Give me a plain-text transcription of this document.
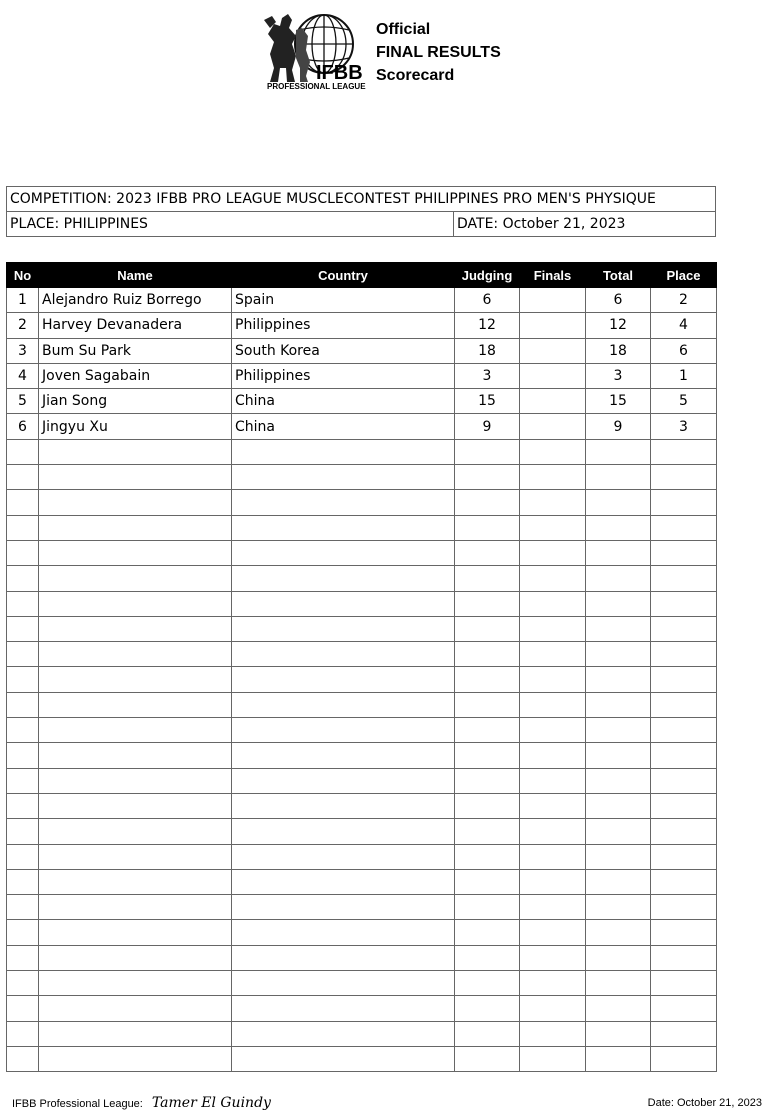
IFBB
PROFESSIONAL LEAGUE
Official
FINAL RESULTS
Scorecard
COMPETITION: 2023 IFBB PRO LEAGUE MUSCLECONTEST PHILIPPINES PRO MEN'S PHYSIQUE
PLACE: PHILIPPINES	DATE: October 21, 2023
No	Name	Country	Judging	Finals	Total	Place
1	Alejandro Ruiz Borrego	Spain	6		6	2
2	Harvey Devanadera	Philippines	12		12	4
3	Bum Su Park	South Korea	18		18	6
4	Joven Sagabain	Philippines	3		3	1
5	Jian Song	China	15		15	5
6	Jingyu Xu	China	9		9	3

IFBB Professional League: Tamer El Guindy	Date: October 21, 2023
